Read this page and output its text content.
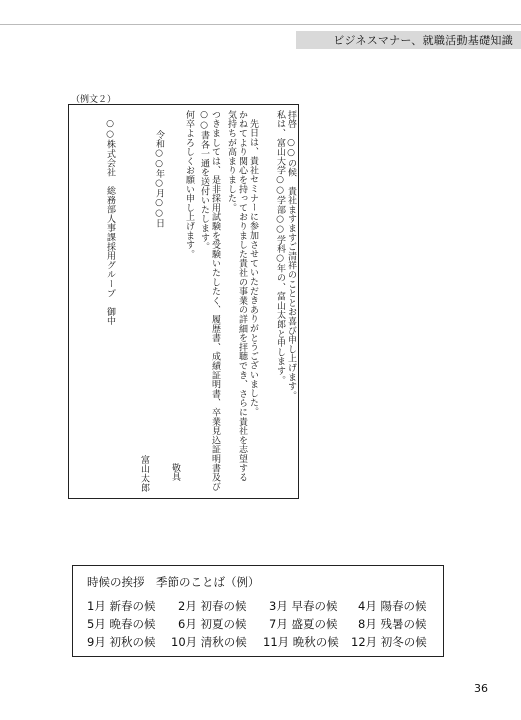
ビジネスマナー、就職活動基礎知識
（例文２）
拝啓　○○の候　貴社ますますご清祥のこととお喜び申し上げます。
私は、富山大学○○学部○○学科○年の、富山太郎と申します。
先日は、貴社セミナーに参加させていただきありがとうございました。
かねてより関心を持っておりました貴社の事業の詳細を拝聴でき、さらに貴社を志望する
気持ちが高まりました。
つきましては、是非採用試験を受験いたしたく、履歴書、成績証明書、卒業見込証明書及び
○○書各一通を送付いたします。
何卒よろしくお願い申し上げます。
敬具
令和○○年○月○○日
富山太郎
○○株式会社　総務部人事課採用グループ　御中
時候の挨拶　季節のことば（例）
1月 新春の候 2月 初春の候 3月 早春の候 4月 陽春の候
5月 晩春の候 6月 初夏の候 7月 盛夏の候 8月 残暑の候
9月 初秋の候 10月 清秋の候 11月 晩秋の候 12月 初冬の候
36
